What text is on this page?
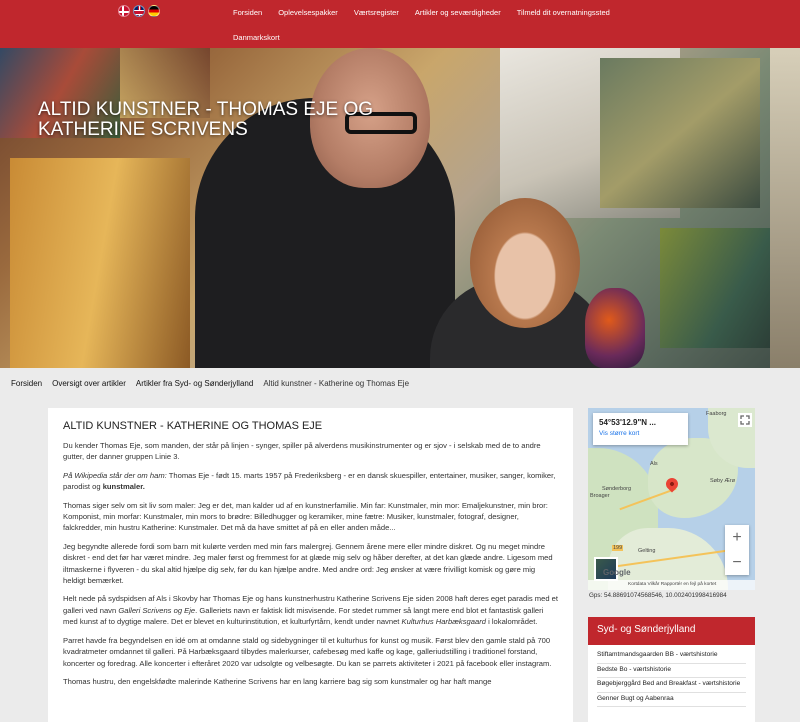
Forsiden	Oplevelsespakker	Værtsregister	Artikler og seværdigheder	Tilmeld dit overnatningssted
Danmarkskort
ALTID KUNSTNER - THOMAS EJE OG KATHERINE SCRIVENS
Forsiden Oversigt over artikler Artikler fra Syd- og Sønderjylland Altid kunstner - Katherine og Thomas Eje
ALTID KUNSTNER - KATHERINE OG THOMAS EJE

Du kender Thomas Eje, som manden, der står på linjen - synger, spiller på alverdens musikinstrumenter og er sjov - i selskab med de to andre gutter, der danner gruppen Linie 3.

På Wikipedia står der om ham: Thomas Eje - født 15. marts 1957 på Frederiksberg - er en dansk skuespiller, entertainer, musiker, sanger, komiker, parodist og kunstmaler.

Thomas siger selv om sit liv som maler: Jeg er det, man kalder ud af en kunstnerfamilie. Min far: Kunstmaler, min mor: Emaljekunstner, min bror: Komponist, min morfar: Kunstmaler, min mors to brødre: Billedhugger og keramiker, mine fætre: Musiker, kunstmaler, fotograf, designer, falckredder, min hustru Katherine: Kunstmaler. Det må da have smittet af på en eller anden måde...

Jeg begyndte allerede fordi som barn mit kulørte verden med min fars malergrej. Gennem årene mere eller mindre diskret. Og nu meget mindre diskret - end det før har været mindre. Jeg maler først og fremmest for at glæde mig selv og håber derefter, at det kan glæde andre. Ligesom med iltmaskerne i flyveren - du skal altid hjælpe dig selv, før du kan hjælpe andre. Med andre ord: Jeg ønsker at være frivilligt komisk og gøre mig heldigt bemærket.

Helt nede på sydspidsen af Als i Skovby har Thomas Eje og hans kunstnerhustru Katherine Scrivens Eje siden 2008 haft deres eget paradis med et galleri ved navn Galleri Scrivens og Eje. Galleriets navn er faktisk lidt misvisende. For stedet rummer så langt mere end blot et fantastisk galleri med kunst af to dygtige malere. Det er blevet en kulturinstitution, et kulturfyrtårn, kendt under navnet Kulturhus Harbæksgaard i lokalområdet.

Parret havde fra begyndelsen en idé om at omdanne stald og sidebygninger til et kulturhus for kunst og musik. Først blev den gamle stald på 700 kvadratmeter omdannet til galleri. På Harbæksgaard tilbydes malerkurser, cafebesøg med kaffe og kage, galleriudstilling i traditionel forstand, koncerter og foredrag. Alle koncerter i efteråret 2020 var udsolgte og velbesøgte. Du kan se parrets aktiviteter i 2021 på facebook eller instagram.

Thomas hustru, den engelskfødte malerinde Katherine Scrivens har en lang karriere bag sig som kunstmaler og har haft mange

Faaborg
Als
Sønderborg
Broager
Søby Ærø
Gelting
199
54°53'12.9"N ...
Vis større kort
+
−
Google
Kortdata Vilkår Rapportér en fejl på kortet
Gps: 54.88691074568546, 10.002401998416984
Syd- og Sønderjylland
Stiftamtmandsgaarden BB - værtshistorie
Bedste Bo - værtshistorie
Bøgebjerggård Bed and Breakfast - værtshistorie
Genner Bugt og Aabenraa
